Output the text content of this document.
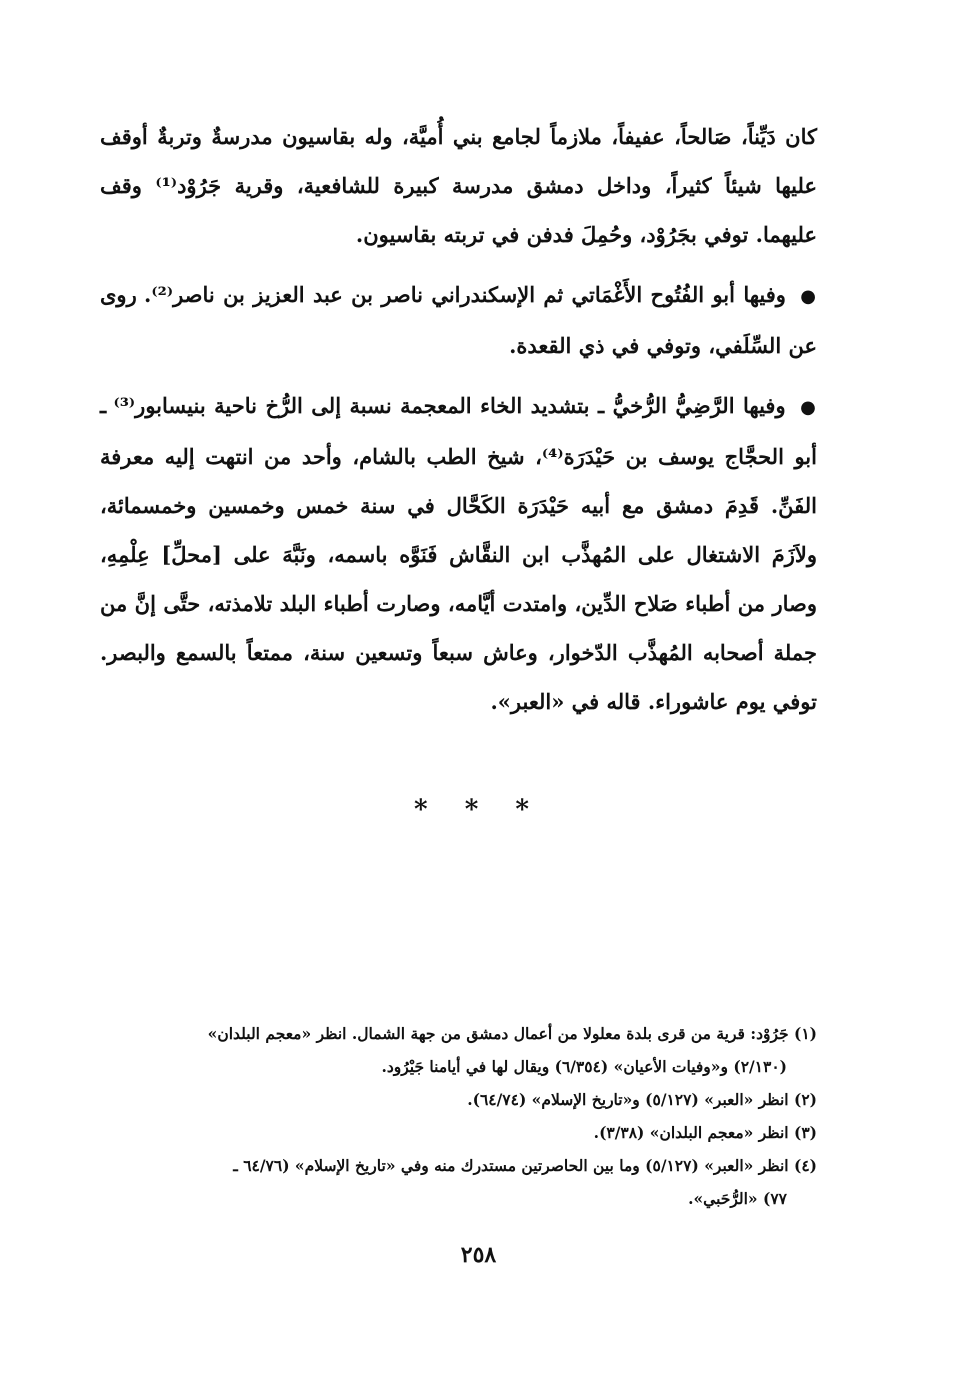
كان دَيِّناً، صَالحاً، عفيفاً، ملازماً لجامع بني أُميَّة، وله بقاسيون مدرسةٌ وتربةٌ أوقف عليها شيئاً كثيراً، وداخل دمشق مدرسة كبيرة للشافعية، وقرية جَرُوْد⁽¹⁾ وقف عليهما. توفي بجَرُوْد، وحُمِلَ فدفن في تربته بقاسيون.

● وفيها أبو الفُتُوح الأَغْمَاتي ثم الإسكندراني ناصر بن عبد العزيز بن ناصر⁽²⁾. روى عن السِّلَفي، وتوفي في ذي القعدة.

● وفيها الرَّضِيُّ الرُّخيُّ ـ بتشديد الخاء المعجمة نسبة إلى الرُّخ ناحية بنيسابور⁽³⁾ ـ أبو الحجَّاج يوسف بن حَيْدَرَة⁽⁴⁾، شيخ الطب بالشام، وأحد من انتهت إليه معرفة الفَنِّ. قَدِمَ دمشق مع أبيه حَيْدَرَة الكَحَّال في سنة خمس وخمسين وخمسمائة، ولاَزَمَ الاشتغال على المُهذَّب ابن النقَّاش فَنَوَّه باسمه، ونَبَّهَ على [محلِّ] عِلْمِهِ، وصار من أطباء صَلاح الدِّين، وامتدت أيَّامه، وصارت أطباء البلد تلامذته، حتَّى إنَّ من جملة أصحابه المُهذَّب الدّخوار، وعاش سبعاً وتسعين سنة، ممتعاً بالسمع والبصر. توفي يوم عاشوراء. قاله في «العبر».

* * *

(١) جَرُوْد: قرية من قرى بلدة معلولا من أعمال دمشق من جهة الشمال. انظر «معجم البلدان»
(٢/١٣٠) و«وفيات الأعيان» (٦/٣٥٤) ويقال لها في أيامنا جَيْرُود.

(٢) انظر «العبر» (٥/١٢٧) و«تاريخ الإسلام» (٦٤/٧٤).

(٣) انظر «معجم البلدان» (٣/٣٨).

(٤) انظر «العبر» (٥/١٢٧) وما بين الحاصرتين مستدرك منه وفي «تاريخ الإسلام» (٦٤/٧٦ ـ
٧٧) «الرُّحَبي».

٢٥٨
